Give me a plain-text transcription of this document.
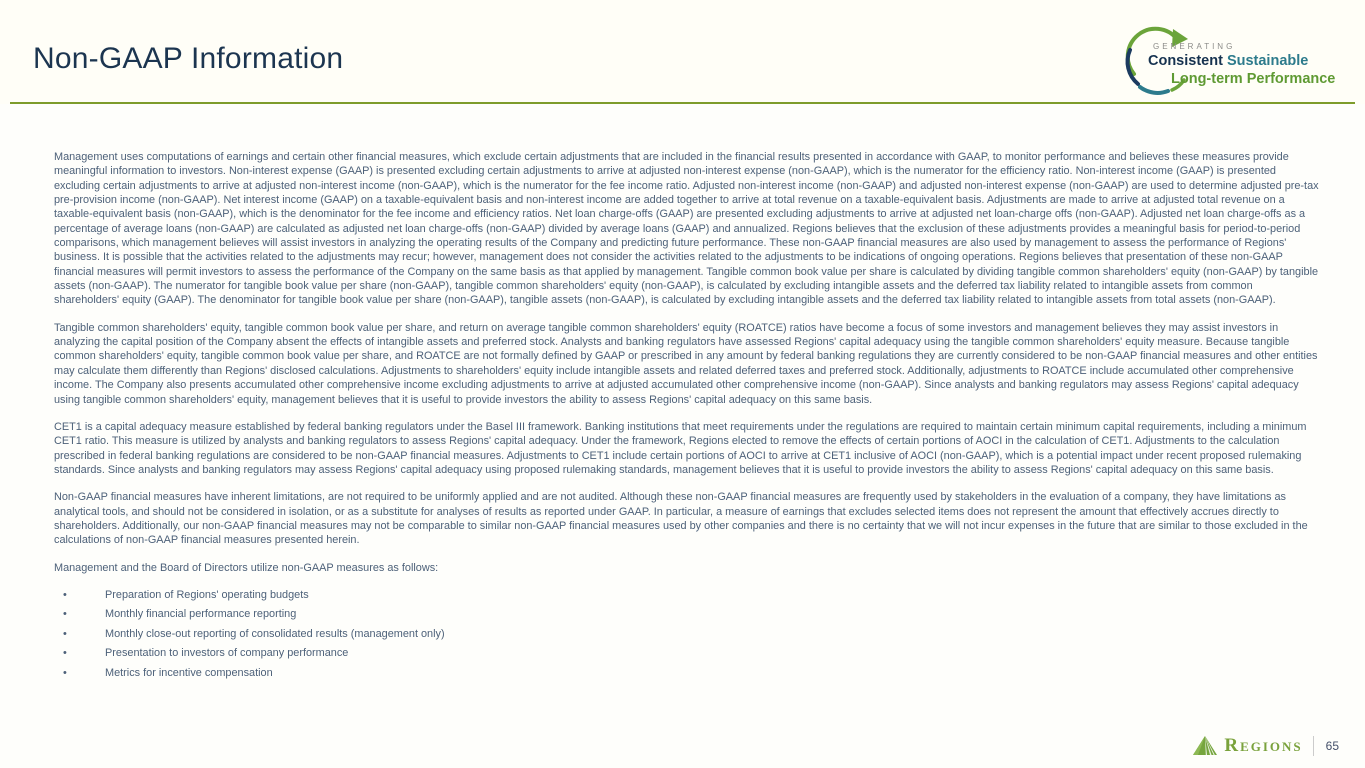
Non-GAAP Information	GENERATING
Consistent Sustainable
Long-term Performance

Management uses computations of earnings and certain other financial measures, which exclude certain adjustments that are included in the financial results presented in accordance with GAAP, to monitor performance and believes these measures provide meaningful information to investors. Non-interest expense (GAAP) is presented excluding certain adjustments to arrive at adjusted non-interest expense (non-GAAP), which is the numerator for the efficiency ratio. Non-interest income (GAAP) is presented excluding certain adjustments to arrive at adjusted non-interest income (non-GAAP), which is the numerator for the fee income ratio. Adjusted non-interest income (non-GAAP) and adjusted non-interest expense (non-GAAP) are used to determine adjusted pre-tax pre-provision income (non-GAAP). Net interest income (GAAP) on a taxable-equivalent basis and non-interest income are added together to arrive at total revenue on a taxable-equivalent basis. Adjustments are made to arrive at adjusted total revenue on a taxable-equivalent basis (non-GAAP), which is the denominator for the fee income and efficiency ratios. Net loan charge-offs (GAAP) are presented excluding adjustments to arrive at adjusted net loan-charge offs (non-GAAP). Adjusted net loan charge-offs as a percentage of average loans (non-GAAP) are calculated as adjusted net loan charge-offs (non-GAAP) divided by average loans (GAAP) and annualized. Regions believes that the exclusion of these adjustments provides a meaningful basis for period-to-period comparisons, which management believes will assist investors in analyzing the operating results of the Company and predicting future performance. These non-GAAP financial measures are also used by management to assess the performance of Regions' business. It is possible that the activities related to the adjustments may recur; however, management does not consider the activities related to the adjustments to be indications of ongoing operations. Regions believes that presentation of these non-GAAP financial measures will permit investors to assess the performance of the Company on the same basis as that applied by management. Tangible common book value per share is calculated by dividing tangible common shareholders' equity (non-GAAP) by tangible assets (non-GAAP). The numerator for tangible book value per share (non-GAAP), tangible common shareholders' equity (non-GAAP), is calculated by excluding intangible assets and the deferred tax liability related to intangible assets from common shareholders' equity (GAAP). The denominator for tangible book value per share (non-GAAP), tangible assets (non-GAAP), is calculated by excluding intangible assets and the deferred tax liability related to intangible assets from total assets (non-GAAP).

Tangible common shareholders' equity, tangible common book value per share, and return on average tangible common shareholders' equity (ROATCE) ratios have become a focus of some investors and management believes they may assist investors in analyzing the capital position of the Company absent the effects of intangible assets and preferred stock. Analysts and banking regulators have assessed Regions' capital adequacy using the tangible common shareholders' equity measure. Because tangible common shareholders' equity, tangible common book value per share, and ROATCE are not formally defined by GAAP or prescribed in any amount by federal banking regulations they are currently considered to be non-GAAP financial measures and other entities may calculate them differently than Regions' disclosed calculations. Adjustments to shareholders' equity include intangible assets and related deferred taxes and preferred stock. Additionally, adjustments to ROATCE include accumulated other comprehensive income. The Company also presents accumulated other comprehensive income excluding adjustments to arrive at adjusted accumulated other comprehensive income (non-GAAP). Since analysts and banking regulators may assess Regions' capital adequacy using tangible common shareholders' equity, management believes that it is useful to provide investors the ability to assess Regions' capital adequacy on this same basis.

CET1 is a capital adequacy measure established by federal banking regulators under the Basel III framework. Banking institutions that meet requirements under the regulations are required to maintain certain minimum capital requirements, including a minimum CET1 ratio. This measure is utilized by analysts and banking regulators to assess Regions' capital adequacy. Under the framework, Regions elected to remove the effects of certain portions of AOCI in the calculation of CET1. Adjustments to the calculation prescribed in federal banking regulations are considered to be non-GAAP financial measures. Adjustments to CET1 include certain portions of AOCI to arrive at CET1 inclusive of AOCI (non-GAAP), which is a potential impact under recent proposed rulemaking standards. Since analysts and banking regulators may assess Regions' capital adequacy using proposed rulemaking standards, management believes that it is useful to provide investors the ability to assess Regions' capital adequacy on this same basis.

Non-GAAP financial measures have inherent limitations, are not required to be uniformly applied and are not audited. Although these non-GAAP financial measures are frequently used by stakeholders in the evaluation of a company, they have limitations as analytical tools, and should not be considered in isolation, or as a substitute for analyses of results as reported under GAAP. In particular, a measure of earnings that excludes selected items does not represent the amount that effectively accrues directly to shareholders. Additionally, our non-GAAP financial measures may not be comparable to similar non-GAAP financial measures used by other companies and there is no certainty that we will not incur expenses in the future that are similar to those excluded in the calculations of non-GAAP financial measures presented herein.

Management and the Board of Directors utilize non-GAAP measures as follows:

•	Preparation of Regions' operating budgets
•	Monthly financial performance reporting
•	Monthly close-out reporting of consolidated results (management only)
•	Presentation to investors of company performance
•	Metrics for incentive compensation
Regions 65
